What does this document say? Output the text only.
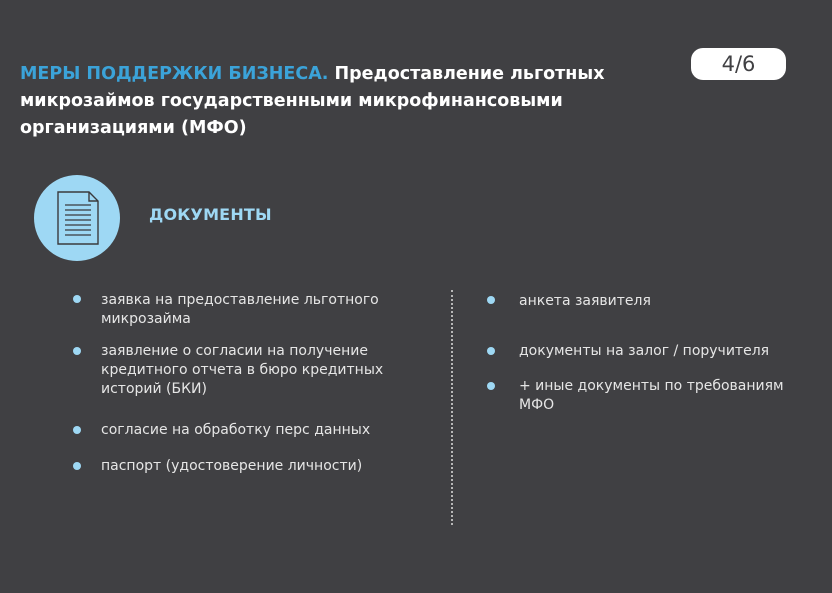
МЕРЫ ПОДДЕРЖКИ БИЗНЕСА. Предоставление льготных микрозаймов государственными микрофинансовыми организациями (МФО)
4/6
ДОКУМЕНТЫ
заявка на предоставление льготного микрозайма
заявление о согласии на получение кредитного отчета в бюро кредитных историй (БКИ)
согласие на обработку перс данных
паспорт (удостоверение личности)
анкета заявителя
документы на залог / поручителя
+ иные документы по требованиям МФО
